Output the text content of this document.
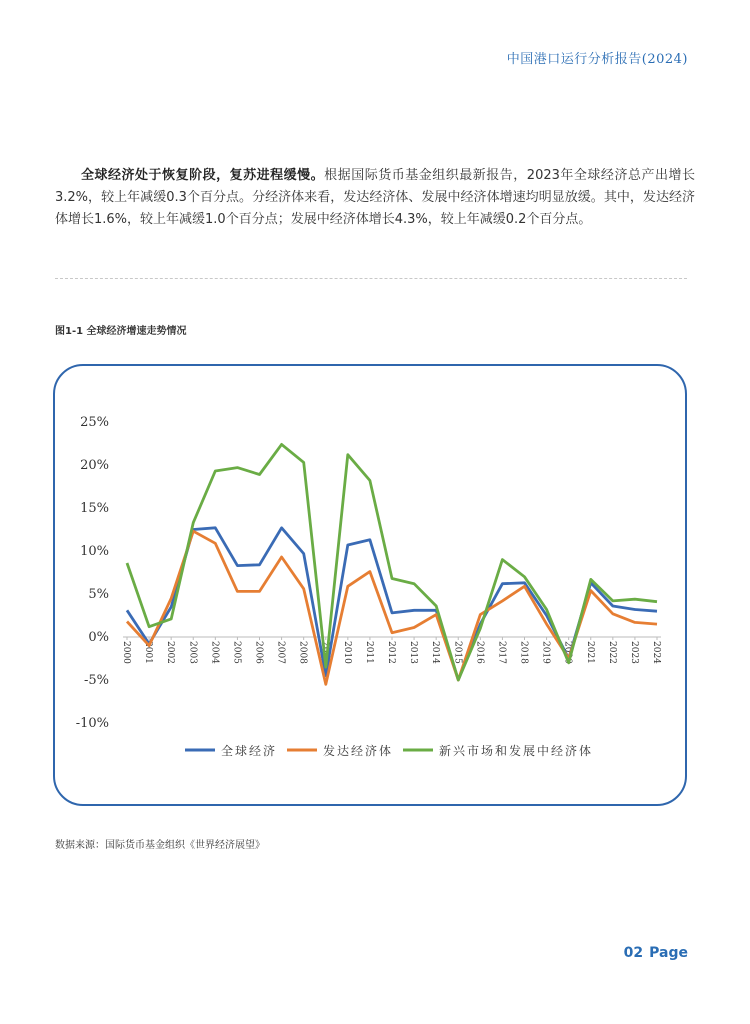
中国港口运行分析报告(2024)
全球经济处于恢复阶段，复苏进程缓慢。根据国际货币基金组织最新报告，2023年全球经济总产出增长3.2%，较上年减缓0.3个百分点。分经济体来看，发达经济体、发展中经济体增速均明显放缓。其中，发达经济体增长1.6%，较上年减缓1.0个百分点；发展中经济体增长4.3%，较上年减缓0.2个百分点。
图1-1 全球经济增速走势情况
25%
20%
15%
10%
5%
0%
-5%
-10%
2000 2001 2002 2003 2004 2005 2006 2007 2008 2009 2010 2011 2012 2013 2014 2015 2016 2017 2018 2019 2020 2021 2022 2023 2024
全球经济	发达经济体	新兴市场和发展中经济体
数据来源：国际货币基金组织《世界经济展望》
02 Page
